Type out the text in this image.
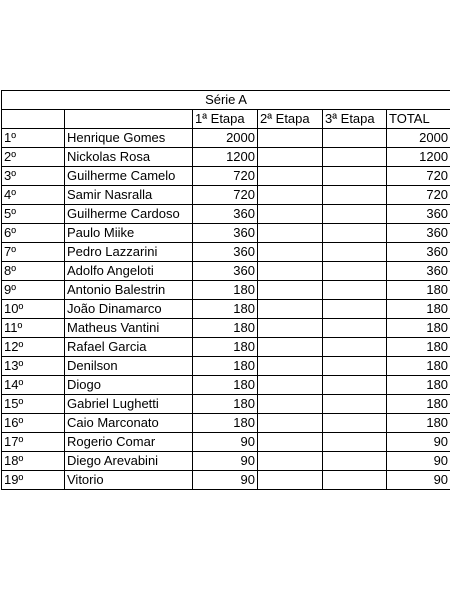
Série A					
		1ª Etapa	2ª Etapa	3ª Etapa	TOTAL
1º	Henrique Gomes	2000			2000
2º	Nickolas Rosa	1200			1200
3º	Guilherme Camelo	720			720
4º	Samir Nasralla	720			720
5º	Guilherme Cardoso	360			360
6º	Paulo Miike	360			360
7º	Pedro Lazzarini	360			360
8º	Adolfo Angeloti	360			360
9º	Antonio Balestrin	180			180
10º	João Dinamarco	180			180
11º	Matheus Vantini	180			180
12º	Rafael Garcia	180			180
13º	Denilson	180			180
14º	Diogo	180			180
15º	Gabriel Lughetti	180			180
16º	Caio Marconato	180			180
17º	Rogerio Comar	90			90
18º	Diego Arevabini	90			90
19º	Vitorio	90			90
